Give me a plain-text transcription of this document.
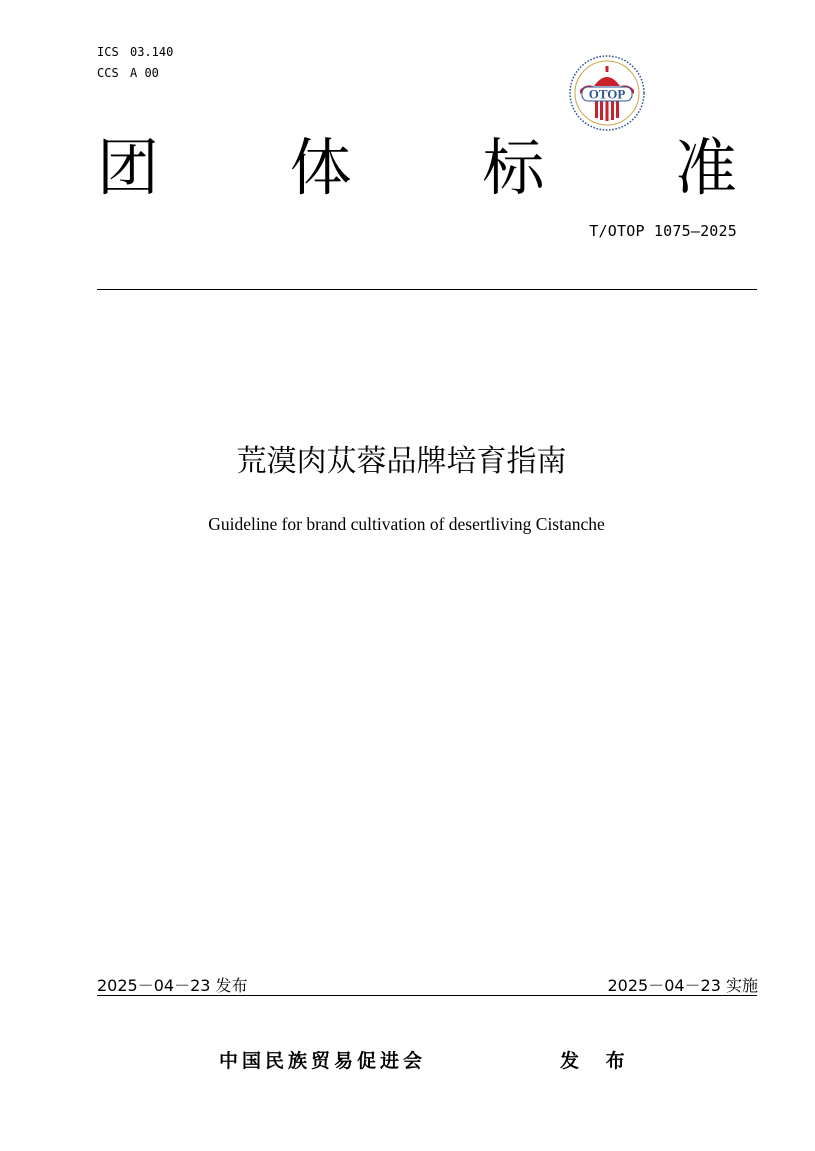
ICS 03.140
CCS A 00
OTOP
团 体 标 准
T/OTOP 1075—2025
荒漠肉苁蓉品牌培育指南
Guideline for brand cultivation of desertliving Cistanche
2025－04－23 发布	2025－04－23 实施
中国民族贸易促进会	发 布
